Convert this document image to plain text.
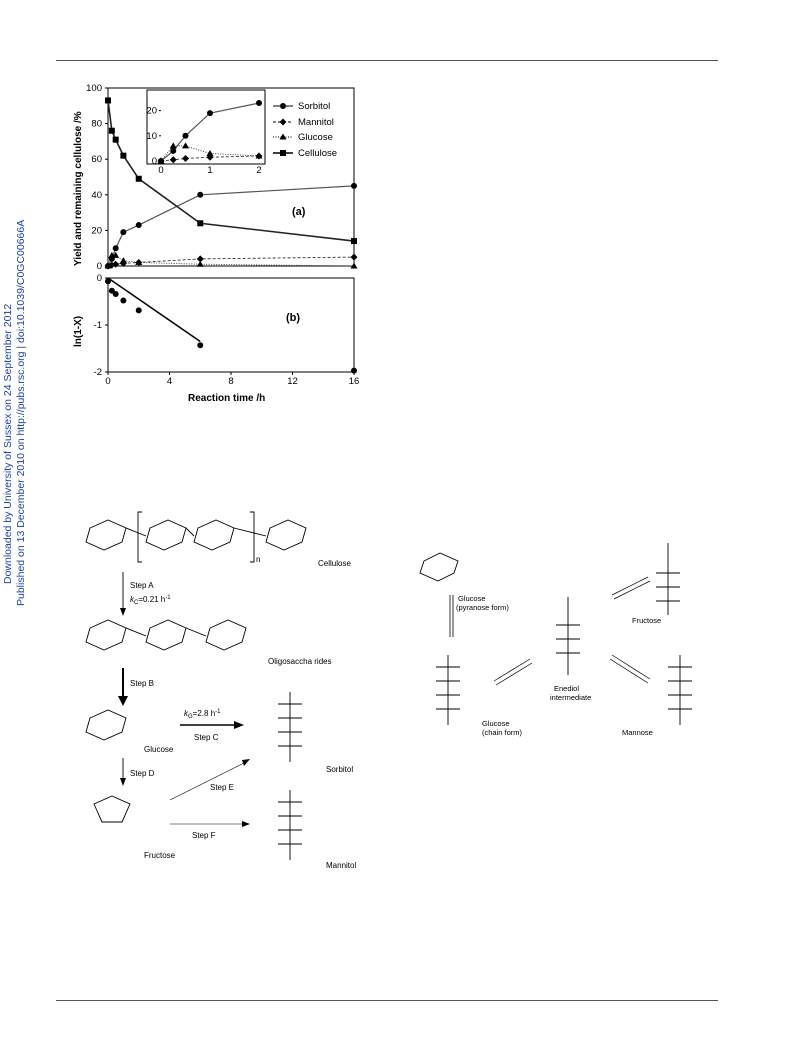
Downloaded by University of Sussex on 24 September 2012 Published on 13 December 2010 on http://pubs.rsc.org | doi:10.1039/C0GC00666A
(a)
(b)
Yield and remaining cellulose /%
ln(1-X)
Reaction time /h
Sorbitol
Mannitol
Glucose
Cellulose
0
20
40
60
80
100
0
10
20
0	1	2
0
-1
-2
0	4	8	12	16
n	Cellulose
Step A
$k_C=0.21$ $h^{-1}$
Oligosaccha rides
Step B
Glucose
$k_G=2.8$ $h^{-1}$
Step C
Sorbitol
Step D
Fructose
Step E
Step F
Mannitol
Glucose
(pyranose form)
Glucose
(chain form)
Enediol
intermediate
Fructose
Mannose
